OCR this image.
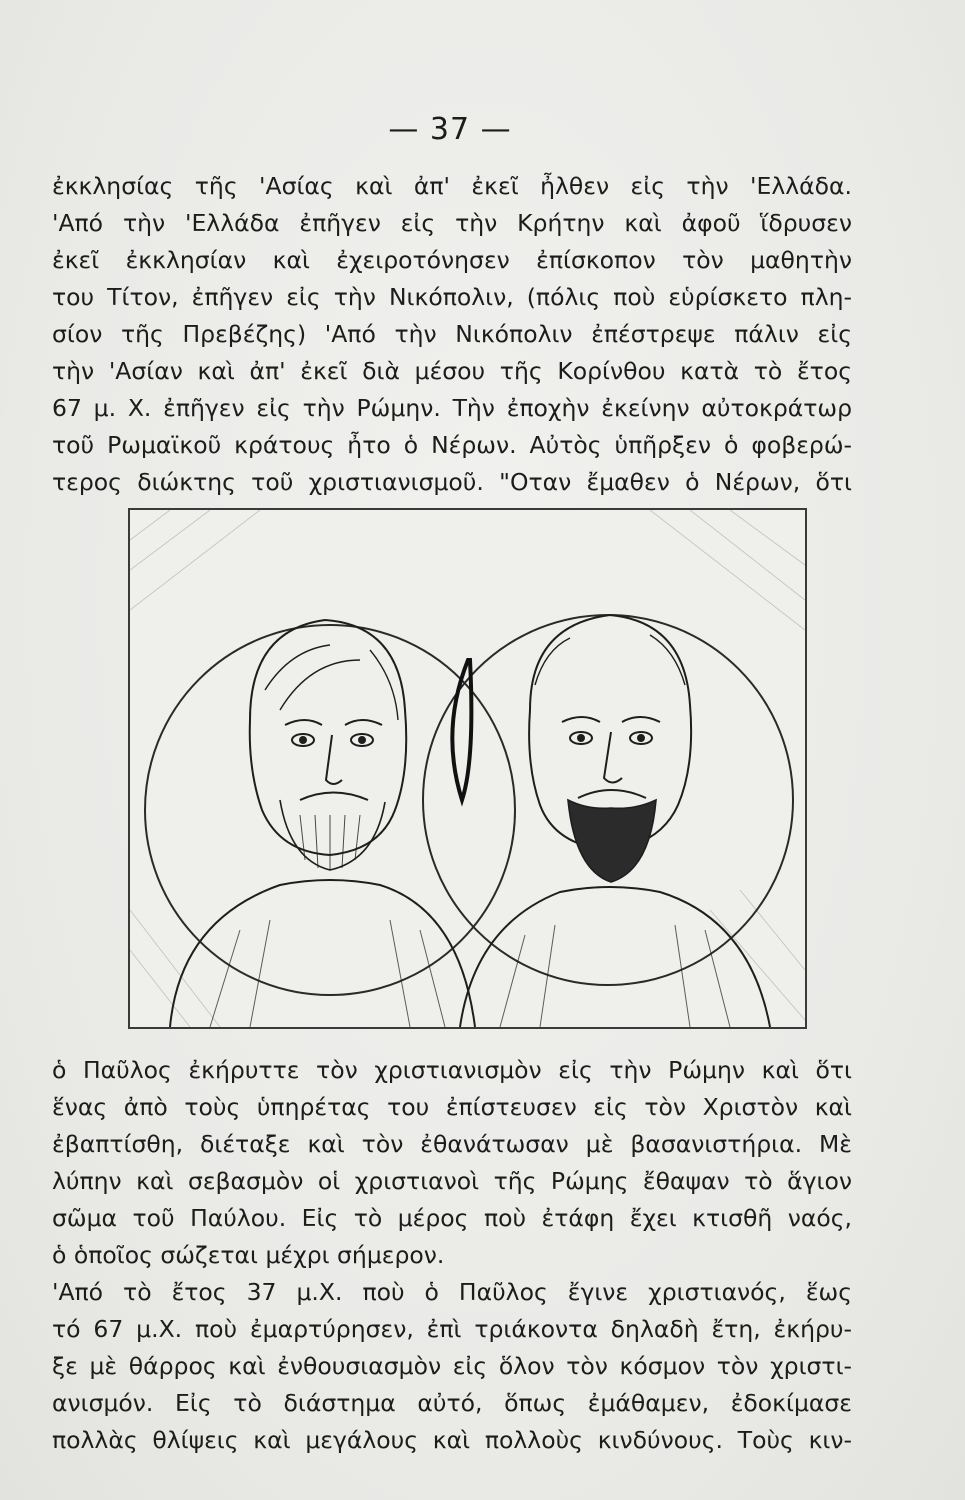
— 37 —
ἐκκλησίας τῆς 'Ασίας καὶ ἀπ' ἐκεῖ ἦλθεν εἰς τὴν 'Ελλάδα.
'Από τὴν 'Ελλάδα ἐπῆγεν εἰς τὴν Κρήτην καὶ ἀφοῦ ἵδρυσεν
ἐκεῖ ἐκκλησίαν καὶ ἐχειροτόνησεν ἐπίσκοπον τὸν μαθητὴν
του Τίτον, ἐπῆγεν εἰς τὴν Νικόπολιν, (πόλις ποὺ εὑρίσκετο πλη-
σίον τῆς Πρεβέζης) 'Από τὴν Νικόπολιν ἐπέστρεψε πάλιν εἰς
τὴν 'Ασίαν καὶ ἀπ' ἐκεῖ διὰ μέσου τῆς Κορίνθου κατὰ τὸ ἔτος
67 μ. Χ. ἐπῆγεν εἰς τὴν Ρώμην. Τὴν ἐποχὴν ἐκείνην αὐτοκράτωρ
τοῦ Ρωμαϊκοῦ κράτους ἦτο ὁ Νέρων. Αὐτὸς ὑπῆρξεν ὁ φοβερώ-
τερος διώκτης τοῦ χριστιανισμοῦ. "Οταν ἔμαθεν ὁ Νέρων, ὅτι
ὁ Παῦλος ἐκήρυττε τὸν χριστιανισμὸν εἰς τὴν Ρώμην καὶ ὅτι
ἕνας ἀπὸ τοὺς ὑπηρέτας του ἐπίστευσεν εἰς τὸν Χριστὸν καὶ
ἐβαπτίσθη, διέταξε καὶ τὸν ἐθανάτωσαν μὲ βασανιστήρια. Μὲ
λύπην καὶ σεβασμὸν οἱ χριστιανοὶ τῆς Ρώμης ἔθαψαν τὸ ἅγιον
σῶμα τοῦ Παύλου. Εἰς τὸ μέρος ποὺ ἐτάφη ἔχει κτισθῆ ναός,
ὁ ὁποῖος σώζεται μέχρι σήμερον.
'Από τὸ ἔτος 37 μ.Χ. ποὺ ὁ Παῦλος ἔγινε χριστιανός, ἕως
τό 67 μ.Χ. ποὺ ἐμαρτύρησεν, ἐπὶ τριάκοντα δηλαδὴ ἔτη, ἐκήρυ-
ξε μὲ θάρρος καὶ ἐνθουσιασμὸν εἰς ὅλον τὸν κόσμον τὸν χριστι-
ανισμόν. Εἰς τὸ διάστημα αὐτό, ὅπως ἐμάθαμεν, ἐδοκίμασε
πολλὰς θλίψεις καὶ μεγάλους καὶ πολλοὺς κινδύνους. Τοὺς κιν-
